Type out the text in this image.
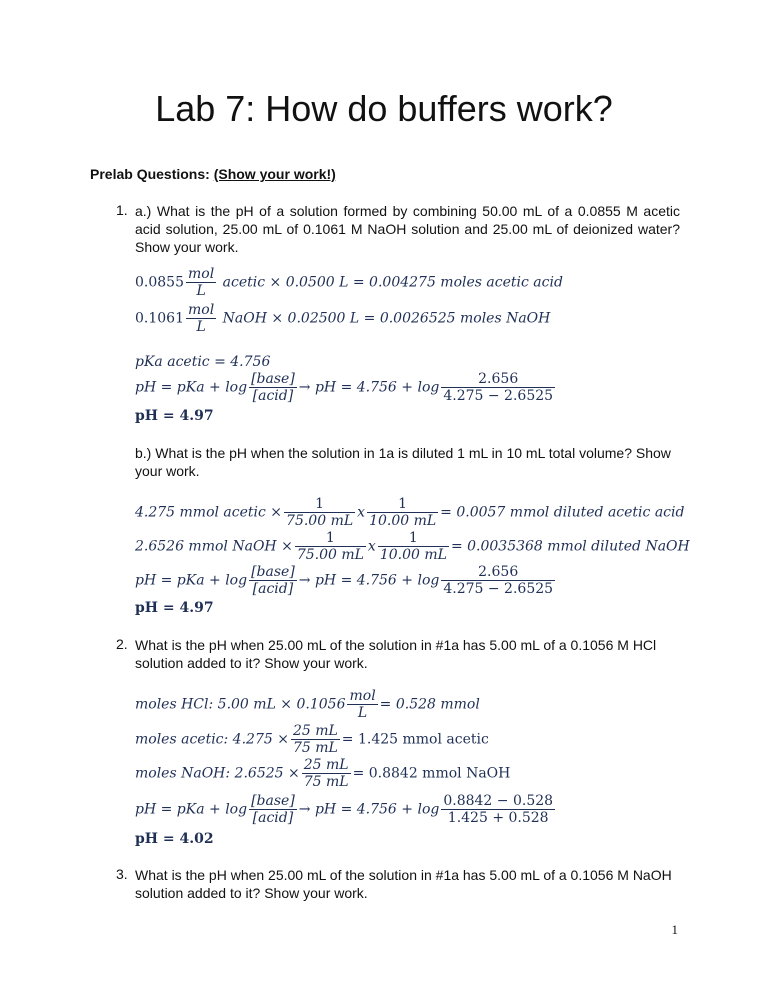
Lab 7: How do buffers work?
Prelab Questions: (Show your work!)
1. a.) What is the pH of a solution formed by combining 50.00 mL of a 0.0855 M acetic acid solution, 25.00 mL of 0.1061 M NaOH solution and 25.00 mL of deionized water? Show your work.
$0.0855 \frac{\text{mol}}{L}$ acetic × 0.0500 L = 0.004275 moles acetic acid
$0.1061 \frac{\text{mol}}{L}$ NaOH × 0.02500 L = 0.0026525 moles NaOH
pKa acetic = 4.756
pH = pKa + $\log \frac{\text{[base]}}{\text{[acid]}}$ → pH = $4.756 + \log \frac{2.656}{4.275 - 2.6525}$
pH = 4.97
b.) What is the pH when the solution in 1a is diluted 1 mL in 10 mL total volume? Show your work.
4.275 mmol acetic × $\frac{1}{75.00 mL}$ x $\frac{1}{10.00 mL} = 0.0057$ mmol diluted acetic acid
2.6526 mmol NaOH × $\frac{1}{75.00 mL}$ x $\frac{1}{10.00 mL} = 0.0035368$ mmol diluted NaOH
pH = pKa + $\log \frac{\text{[base]}}{\text{[acid]}}$ → pH = $4.756 + \log \frac{2.656}{4.275 - 2.6525}$
pH = 4.97
2. What is the pH when 25.00 mL of the solution in #1a has 5.00 mL of a 0.1056 M HCl solution added to it? Show your work.
moles HCl: 5.00 mL × $0.1056 \frac{\text{mol}}{L} = 0.528$ mmol
moles acetic: $4.275 \times \frac{25 mL}{75 mL} = 1.425$ mmol acetic
moles NaOH: $2.6525 \times \frac{25 mL}{75 mL} = 0.8842$ mmol NaOH
pH = pKa + $\log \frac{\text{[base]}}{\text{[acid]}}$ → pH = $4.756 + \log \frac{0.8842 - 0.528}{1.425 + 0.528}$
pH = 4.02
3. What is the pH when 25.00 mL of the solution in #1a has 5.00 mL of a 0.1056 M NaOH solution added to it? Show your work.
1
